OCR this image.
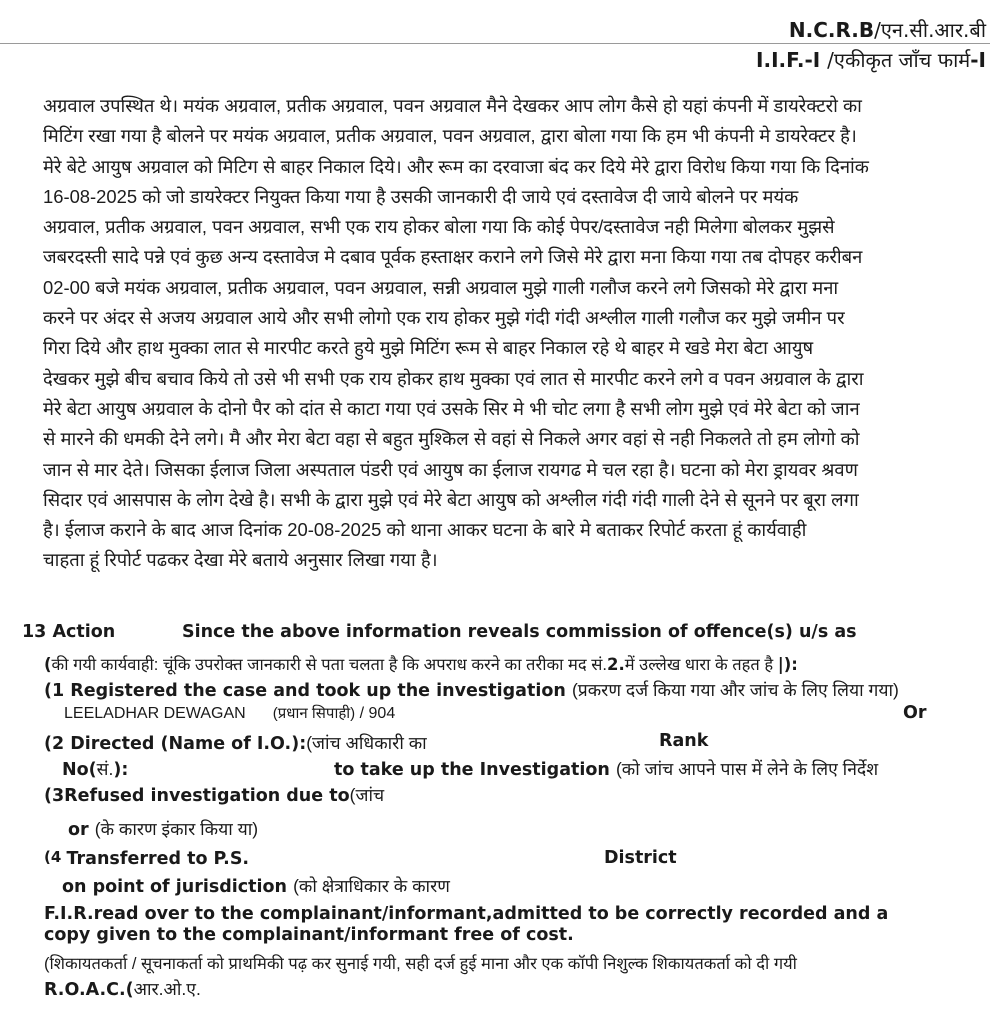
N.C.R.B/एन.सी.आर.बी
I.I.F.-I /एकीकृत जाँच फार्म-I
अग्रवाल उपस्थित थे। मयंक अग्रवाल, प्रतीक अग्रवाल, पवन अग्रवाल मैने देखकर आप लोग कैसे हो यहां कंपनी में डायरेक्टरो का
मिटिंग रखा गया है बोलने पर मयंक अग्रवाल, प्रतीक अग्रवाल, पवन अग्रवाल, द्वारा बोला गया कि हम भी कंपनी मे डायरेक्टर है।
मेरे बेटे आयुष अग्रवाल को मिटिग से बाहर निकाल दिये। और रूम का दरवाजा बंद कर दिये मेरे द्वारा विरोध किया गया कि दिनांक
16-08-2025 को जो डायरेक्टर नियुक्त किया गया है उसकी जानकारी दी जाये एवं दस्तावेज दी जाये बोलने पर मयंक
अग्रवाल, प्रतीक अग्रवाल, पवन अग्रवाल, सभी एक राय होकर बोला गया कि कोई पेपर/दस्तावेज नही मिलेगा बोलकर मुझसे
जबरदस्ती सादे पन्ने एवं कुछ अन्य दस्तावेज मे दबाव पूर्वक हस्ताक्षर कराने लगे जिसे मेरे द्वारा मना किया गया तब दोपहर करीबन
02-00 बजे मयंक अग्रवाल, प्रतीक अग्रवाल, पवन अग्रवाल, सन्नी अग्रवाल मुझे गाली गलौज करने लगे जिसको मेरे द्वारा मना
करने पर अंदर से अजय अग्रवाल आये और सभी लोगो एक राय होकर मुझे गंदी गंदी अश्लील गाली गलौज कर मुझे जमीन पर
गिरा दिये और हाथ मुक्का लात से मारपीट करते हुये मुझे मिटिंग रूम से बाहर निकाल रहे थे बाहर मे खडे मेरा बेटा आयुष
देखकर मुझे बीच बचाव किये तो उसे भी सभी एक राय होकर हाथ मुक्का एवं लात से मारपीट करने लगे व पवन अग्रवाल के द्वारा
मेरे बेटा आयुष अग्रवाल के दोनो पैर को दांत से काटा गया एवं उसके सिर मे भी चोट लगा है सभी लोग मुझे एवं मेरे बेटा को जान
से मारने की धमकी देने लगे। मै और मेरा बेटा वहा से बहुत मुश्किल से वहां से निकले अगर वहां से नही निकलते तो हम लोगो को
जान से मार देते। जिसका ईलाज जिला अस्पताल पंडरी एवं आयुष का ईलाज रायगढ मे चल रहा है। घटना को मेरा ड्रायवर श्रवण
सिदार एवं आसपास के लोग देखे है। सभी के द्वारा मुझे एवं मेरे बेटा आयुष को अश्लील गंदी गंदी गाली देने से सूनने पर बूरा लगा
है। ईलाज कराने के बाद आज दिनांक 20-08-2025 को थाना आकर घटना के बारे मे बताकर रिपोर्ट करता हूं कार्यवाही
चाहता हूं रिपोर्ट पढकर देखा मेरे बताये अनुसार लिखा गया है।
13 Action	Since the above information reveals commission of offence(s) u/s as
(की गयी कार्यवाही: चूंकि उपरोक्त जानकारी से पता चलता है कि अपराध करने का तरीका मद सं.2.में उल्लेख धारा के तहत है |):
(1 Registered the case and took up the investigation (प्रकरण दर्ज किया गया और जांच के लिए लिया गया)
LEELADHAR DEWAGAN (प्रधान सिपाही) / 904	Or
(2 Directed (Name of I.O.):(जांच अधिकारी का	Rank
No(सं.):	to take up the Investigation (को जांच आपने पास में लेने के लिए निर्देश
(3Refused investigation due to(जांच
or (के कारण इंकार किया या)
(4 Transferred to P.S.	District
on point of jurisdiction (को क्षेत्राधिकार के कारण
F.I.R.read over to the complainant/informant,admitted to be correctly recorded and a
copy given to the complainant/informant free of cost.
(शिकायतकर्ता / सूचनाकर्ता को प्राथमिकी पढ़ कर सुनाई गयी, सही दर्ज हुई माना और एक कॉपी निशुल्क शिकायतकर्ता को दी गयी
R.O.A.C.(आर.ओ.ए.
